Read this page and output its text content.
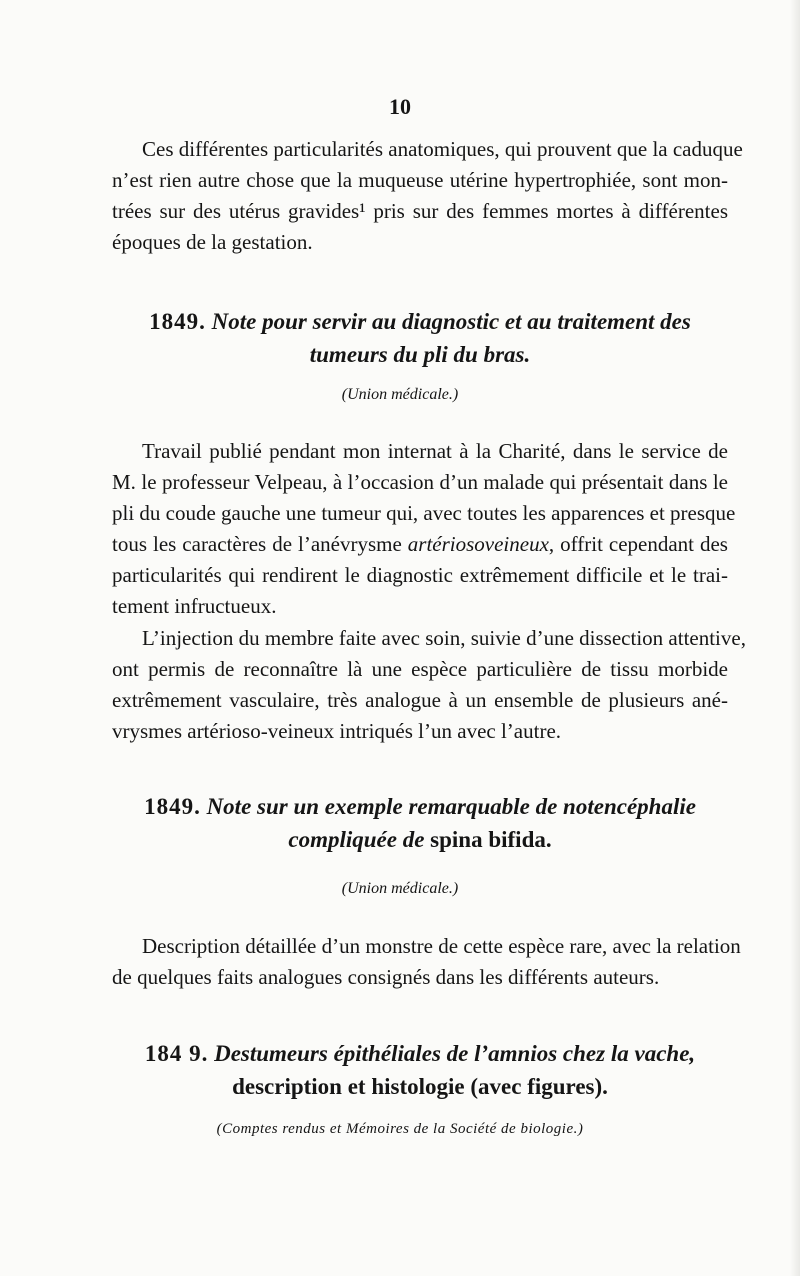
10
Ces différentes particularités anatomiques, qui prouvent que la caduque
n’est rien autre chose que la muqueuse utérine hypertrophiée, sont mon-
trées sur des utérus gravides¹ pris sur des femmes mortes à différentes
époques de la gestation.
1849. Note pour servir au diagnostic et au traitement des
tumeurs du pli du bras.
(Union médicale.)
Travail publié pendant mon internat à la Charité, dans le service de
M. le professeur Velpeau, à l’occasion d’un malade qui présentait dans le
pli du coude gauche une tumeur qui, avec toutes les apparences et presque
tous les caractères de l’anévrysme artériosoveineux, offrit cependant des
particularités qui rendirent le diagnostic extrêmement difficile et le trai-
tement infructueux.
L’injection du membre faite avec soin, suivie d’une dissection attentive,
ont permis de reconnaître là une espèce particulière de tissu morbide
extrêmement vasculaire, très analogue à un ensemble de plusieurs ané-
vrysmes artérioso-veineux intriqués l’un avec l’autre.
1849. Note sur un exemple remarquable de notencéphalie
compliquée de spina bifida.
(Union médicale.)
Description détaillée d’un monstre de cette espèce rare, avec la relation
de quelques faits analogues consignés dans les différents auteurs.
184 9. Destumeurs épithéliales de l’amnios chez la vache,
description et histologie (avec figures).
(Comptes rendus et Mémoires de la Société de biologie.)
